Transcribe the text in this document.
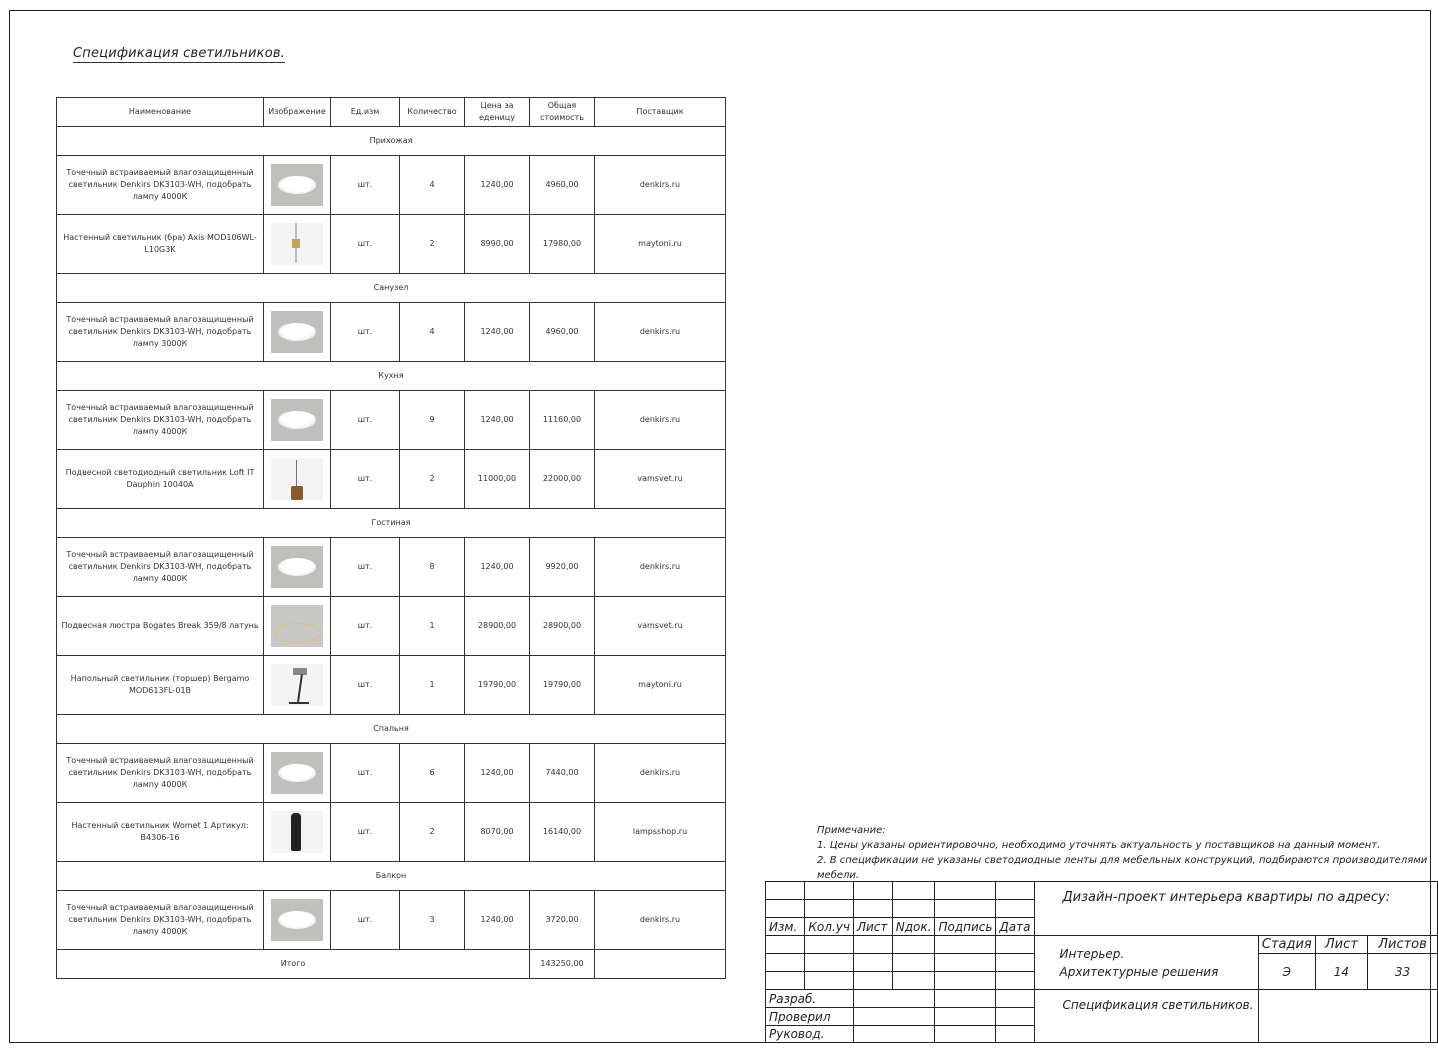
Спецификация светильников.
Наименование	Изображение	Ед.изм	Количество	Цена за еденицу	Общая стоимость	Поставщик
Прихожая						
Точечный встраиваемый влагозащищенный светильник Denkirs DK3103-WH, подобрать лампу 4000К		шт.	4	1240,00	4960,00	denkirs.ru
Настенный светильник (бра) Axis MOD106WL-L10G3K		шт.	2	8990,00	17980,00	maytoni.ru
Санузел						
Точечный встраиваемый влагозащищенный светильник Denkirs DK3103-WH, подобрать лампу 3000К		шт.	4	1240,00	4960,00	denkirs.ru
Кухня						
Точечный встраиваемый влагозащищенный светильник Denkirs DK3103-WH, подобрать лампу 4000К		шт.	9	1240,00	11160,00	denkirs.ru
Подвесной светодиодный светильник Loft IT Dauphin 10040A		шт.	2	11000,00	22000,00	vamsvet.ru
Гостиная						
Точечный встраиваемый влагозащищенный светильник Denkirs DK3103-WH, подобрать лампу 4000К		шт.	8	1240,00	9920,00	denkirs.ru
Подвесная люстра Bogates Break 359/8 латунь		шт.	1	28900,00	28900,00	vamsvet.ru
Напольный светильник (торшер) Bergamo MOD613FL-01B		шт.	1	19790,00	19790,00	maytoni.ru
Спальня						
Точечный встраиваемый влагозащищенный светильник Denkirs DK3103-WH, подобрать лампу 4000К		шт.	6	1240,00	7440,00	denkirs.ru
Настенный светильник Womet 1 Артикул: B4306-16		шт.	2	8070,00	16140,00	lampsshop.ru
Балкон						
Точечный встраиваемый влагозащищенный светильник Denkirs DK3103-WH, подобрать лампу 4000К		шт.	3	1240,00	3720,00	denkirs.ru
Итого					143250,00	
Примечание:
1. Цены указаны ориентировочно, необходимо уточнять актуальность у поставщиков на данный момент.
2. В спецификации не указаны светодиодные ленты для мебельных конструкций, подбираются производителями мебели.
						Дизайн-проект интерьера квартиры по адресу:			

Изм.	Кол.уч	Лист	Nдок.	Подпись	Дата				

						Интерьер.
Архитектурные решения	Стадия	Лист	Листов
							Э	14	33

Разраб.						Спецификация светильников.			
Проверил									
Руковод.									
